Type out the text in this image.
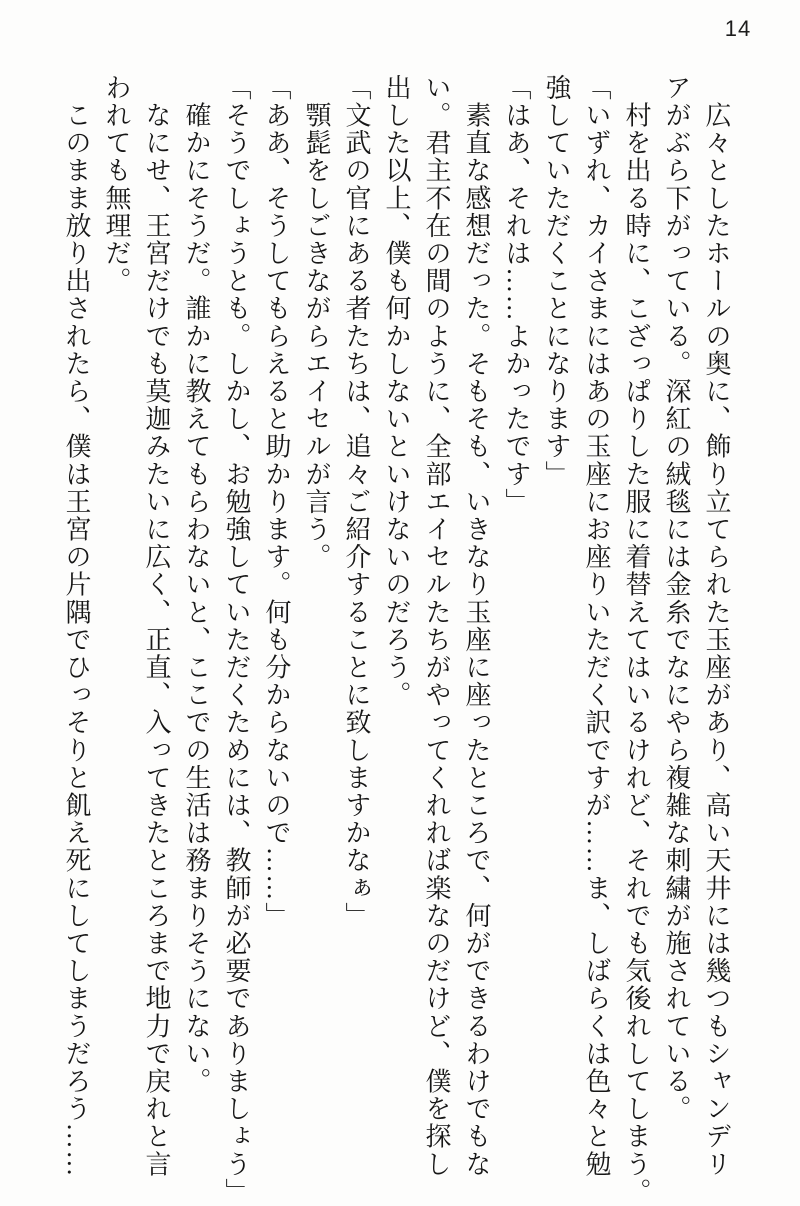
14
　広々としたホールの奥に、飾り立てられた玉座があり、高い天井には幾つもシャンデリ
アがぶら下がっている。深紅の絨毯には金糸でなにやら複雑な刺繍が施されている。
　村を出る時に、こざっぱりした服に着替えてはいるけれど、それでも気後れしてしまう。
「いずれ、カイさまにはあの玉座にお座りいただく訳ですが……ま、しばらくは色々と勉
強していただくことになります」
「はあ、それは……よかったです」
　素直な感想だった。そもそも、いきなり玉座に座ったところで、何ができるわけでもな
い。君主不在の間のように、全部エイセルたちがやってくれれば楽なのだけど、僕を探し
出した以上、僕も何かしないといけないのだろう。
「文武の官にある者たちは、追々ご紹介することに致しますかなぁ」
　顎髭をしごきながらエイセルが言う。
「ああ、そうしてもらえると助かります。何も分からないので……」
「そうでしょうとも。しかし、お勉強していただくためには、教師が必要でありましょう」
　確かにそうだ。誰かに教えてもらわないと、ここでの生活は務まりそうにない。
　なにせ、王宮だけでも莫迦みたいに広く、正直、入ってきたところまで地力で戻れと言
われても無理だ。
　このまま放り出されたら、僕は王宮の片隅でひっそりと飢え死にしてしまうだろう……
